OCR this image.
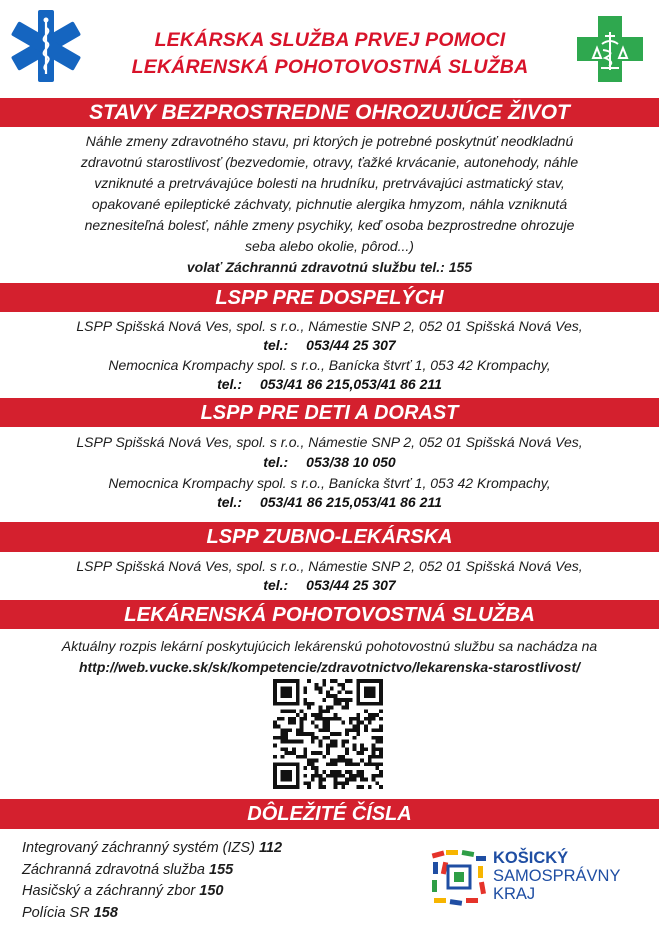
LEKÁRSKA SLUŽBA PRVEJ POMOCI
LEKÁRENSKÁ POHOTOVOSTNÁ SLUŽBA
STAVY BEZPROSTREDNE OHROZUJÚCE ŽIVOT
Náhle zmeny zdravotného stavu, pri ktorých je potrebné poskytnúť neodkladnú
zdravotnú starostlivosť (bezvedomie, otravy, ťažké krvácanie, autonehody, náhle
vzniknuté a pretrvávajúce bolesti na hrudníku, pretrvávajúci astmatický stav,
opakované epileptické záchvaty, pichnutie alergika hmyzom, náhla vzniknutá
neznesiteľná bolesť, náhle zmeny psychiky, keď osoba bezprostredne ohrozuje
seba alebo okolie, pôrod...)
volať Záchrannú zdravotnú službu tel.: 155
LSPP PRE DOSPELÝCH
LSPP Spišská Nová Ves, spol. s r.o., Námestie SNP 2, 052 01 Spišská Nová Ves,
tel.: 053/44 25 307
Nemocnica Krompachy spol. s r.o., Banícka štvrť 1, 053 42 Krompachy,
tel.: 053/41 86 215,053/41 86 211
LSPP PRE DETI A DORAST
LSPP Spišská Nová Ves, spol. s r.o., Námestie SNP 2, 052 01 Spišská Nová Ves,
tel.: 053/38 10 050
Nemocnica Krompachy spol. s r.o., Banícka štvrť 1, 053 42 Krompachy,
tel.: 053/41 86 215,053/41 86 211
LSPP ZUBNO-LEKÁRSKA
LSPP Spišská Nová Ves, spol. s r.o., Námestie SNP 2, 052 01 Spišská Nová Ves,
tel.: 053/44 25 307
LEKÁRENSKÁ POHOTOVOSTNÁ SLUŽBA
Aktuálny rozpis lekární poskytujúcich lekárenskú pohotovostnú službu sa nachádza na
http://web.vucke.sk/sk/kompetencie/zdravotnictvo/lekarenska-starostlivost/
DÔLEŽITÉ ČÍSLA
Integrovaný záchranný systém (IZS) 112
Záchranná zdravotná služba 155
Hasičský a záchranný zbor 150
Polícia SR 158
KOŠICKÝ
SAMOSPRÁVNY
KRAJ
